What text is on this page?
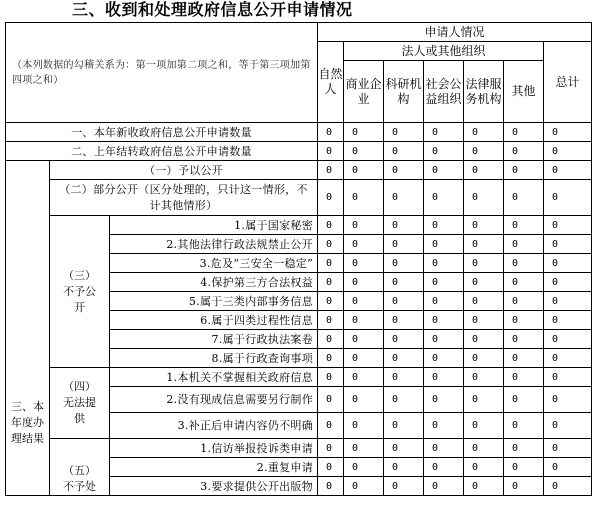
三、收到和处理政府信息公开申请情况
（本列数据的勾稽关系为：第一项加第二项之和，等于第三项加第四项之和）			申请人情况						
			自然人	法人或其他组织					总计
				商业企业	科研机构	社会公益组织	法律服务机构	其他	
一、本年新收政府信息公开申请数量			0	0	0	0	0	0	0
二、上年结转政府信息公开申请数量			0	0	0	0	0	0	0
三、本年度办理结果	（一）予以公开		0	0	0	0	0	0	0
	（二）部分公开（区分处理的，只计这一情形，不计其他情形）		0	0	0	0	0	0	0
	（三）不予公开	1.属于国家秘密	0	0	0	0	0	0	0
		2.其他法律行政法规禁止公开	0	0	0	0	0	0	0
		3.危及“三安全一稳定”	0	0	0	0	0	0	0
		4.保护第三方合法权益	0	0	0	0	0	0	0
		5.属于三类内部事务信息	0	0	0	0	0	0	0
		6.属于四类过程性信息	0	0	0	0	0	0	0
		7.属于行政执法案卷	0	0	0	0	0	0	0
		8.属于行政查询事项	0	0	0	0	0	0	0
	（四）无法提供	1.本机关不掌握相关政府信息	0	0	0	0	0	0	0
		2.没有现成信息需要另行制作	0	0	0	0	0	0	0
		3.补正后申请内容仍不明确	0	0	0	0	0	0	0
	（五）不予处	1.信访举报投诉类申请	0	0	0	0	0	0	0
		2.重复申请	0	0	0	0	0	0	0
		3.要求提供公开出版物	0	0	0	0	0	0	0
